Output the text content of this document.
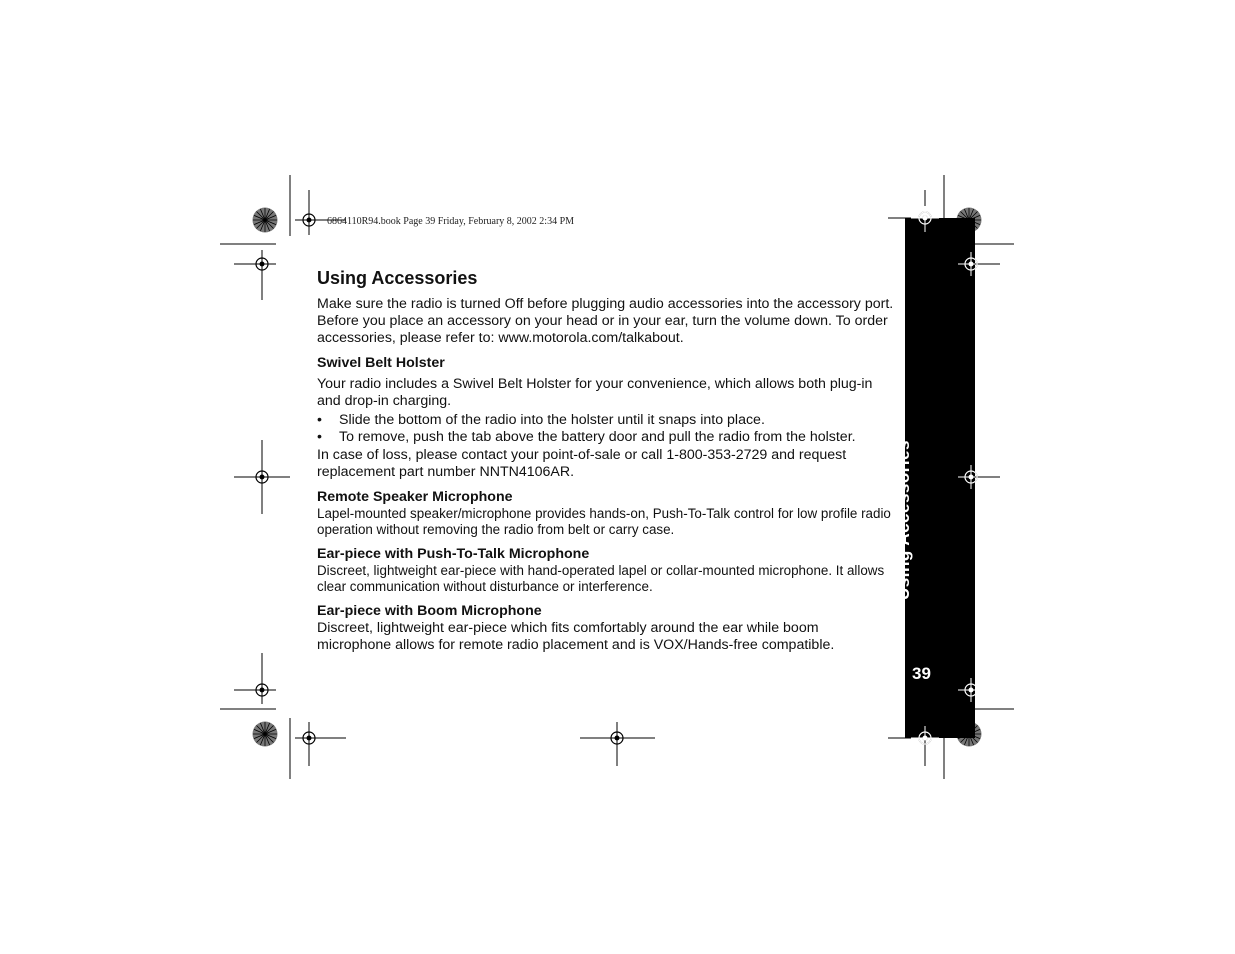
Using Accessories
39
6864110R94.book Page 39 Friday, February 8, 2002 2:34 PM
Using Accessories

Make sure the radio is turned Off before plugging audio accessories into the accessory port. Before you place an accessory on your head or in your ear, turn the volume down. To order accessories, please refer to: www.motorola.com/talkabout.

Swivel Belt Holster

Your radio includes a Swivel Belt Holster for your convenience, which allows both plug-in and drop-in charging.

• Slide the bottom of the radio into the holster until it snaps into place.
• To remove, push the tab above the battery door and pull the radio from the holster.

In case of loss, please contact your point-of-sale or call 1-800-353-2729 and request replacement part number NNTN4106AR.

Remote Speaker Microphone

Lapel-mounted speaker/microphone provides hands-on, Push-To-Talk control for low profile radio operation without removing the radio from belt or carry case.

Ear-piece with Push-To-Talk Microphone

Discreet, lightweight ear-piece with hand-operated lapel or collar-mounted microphone. It allows clear communication without disturbance or interference.

Ear-piece with Boom Microphone

Discreet, lightweight ear-piece which fits comfortably around the ear while boom microphone allows for remote radio placement and is VOX/Hands-free compatible.
